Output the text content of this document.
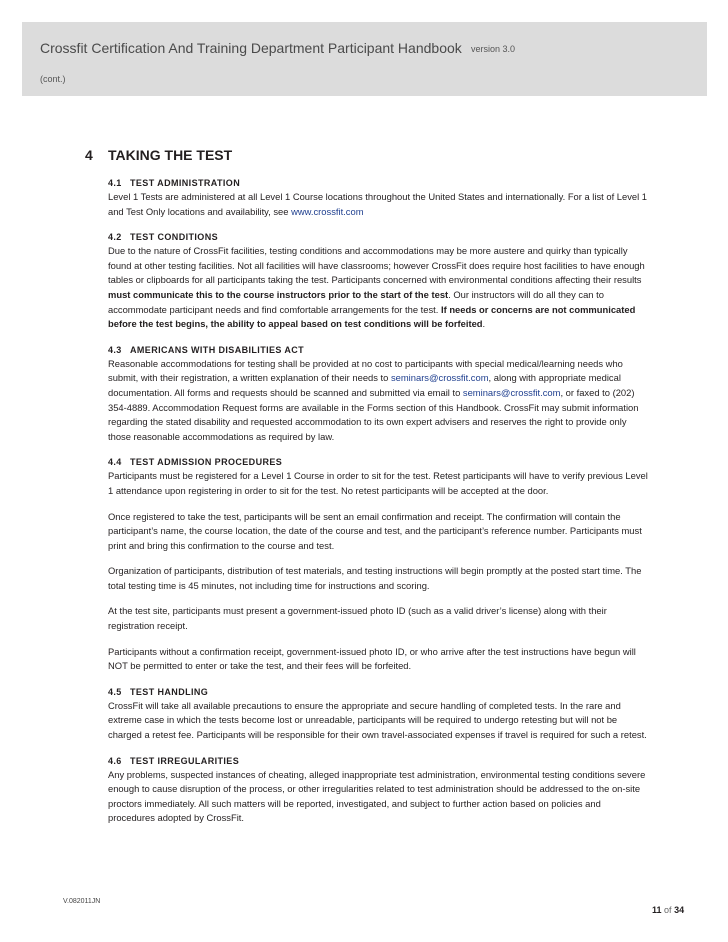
Crossfit Certification And Training Department Participant Handbook version 3.0
(cont.)
4 TAKING THE TEST
4.1 TEST ADMINISTRATION

Level 1 Tests are administered at all Level 1 Course locations throughout the United States and internationally. For a list of Level 1 and Test Only locations and availability, see www.crossfit.com

4.2 TEST CONDITIONS

Due to the nature of CrossFit facilities, testing conditions and accommodations may be more austere and quirky than typically found at other testing facilities. Not all facilities will have classrooms; however CrossFit does require host facilities to have enough tables or clipboards for all participants taking the test. Participants concerned with environmental conditions affecting their results must communicate this to the course instructors prior to the start of the test. Our instructors will do all they can to accommodate participant needs and find comfortable arrangements for the test. If needs or concerns are not communicated before the test begins, the ability to appeal based on test conditions will be forfeited.

4.3 AMERICANS WITH DISABILITIES ACT

Reasonable accommodations for testing shall be provided at no cost to participants with special medical/learning needs who submit, with their registration, a written explanation of their needs to seminars@crossfit.com, along with appropriate medical documentation. All forms and requests should be scanned and submitted via email to seminars@crossfit.com, or faxed to (202) 354-4889. Accommodation Request forms are available in the Forms section of this Handbook. CrossFit may submit information regarding the stated disability and requested accommodation to its own expert advisers and reserves the right to provide only those reasonable accommodations as required by law.

4.4 TEST ADMISSION PROCEDURES

Participants must be registered for a Level 1 Course in order to sit for the test. Retest participants will have to verify previous Level 1 attendance upon registering in order to sit for the test. No retest participants will be accepted at the door.

Once registered to take the test, participants will be sent an email confirmation and receipt. The confirmation will contain the participant’s name, the course location, the date of the course and test, and the participant’s reference number. Participants must print and bring this confirmation to the course and test.

Organization of participants, distribution of test materials, and testing instructions will begin promptly at the posted start time. The total testing time is 45 minutes, not including time for instructions and scoring.

At the test site, participants must present a government-issued photo ID (such as a valid driver’s license) along with their registration receipt.

Participants without a confirmation receipt, government-issued photo ID, or who arrive after the test instructions have begun will NOT be permitted to enter or take the test, and their fees will be forfeited.

4.5 TEST HANDLING

CrossFit will take all available precautions to ensure the appropriate and secure handling of completed tests. In the rare and extreme case in which the tests become lost or unreadable, participants will be required to undergo retesting but will not be charged a retest fee. Participants will be responsible for their own travel-associated expenses if travel is required for such a retest.

4.6 TEST IRREGULARITIES

Any problems, suspected instances of cheating, alleged inappropriate test administration, environmental testing conditions severe enough to cause disruption of the process, or other irregularities related to test administration should be addressed to the on-site proctors immediately. All such matters will be reported, investigated, and subject to further action based on policies and procedures adopted by CrossFit.

V.082011JN
11 of 34
